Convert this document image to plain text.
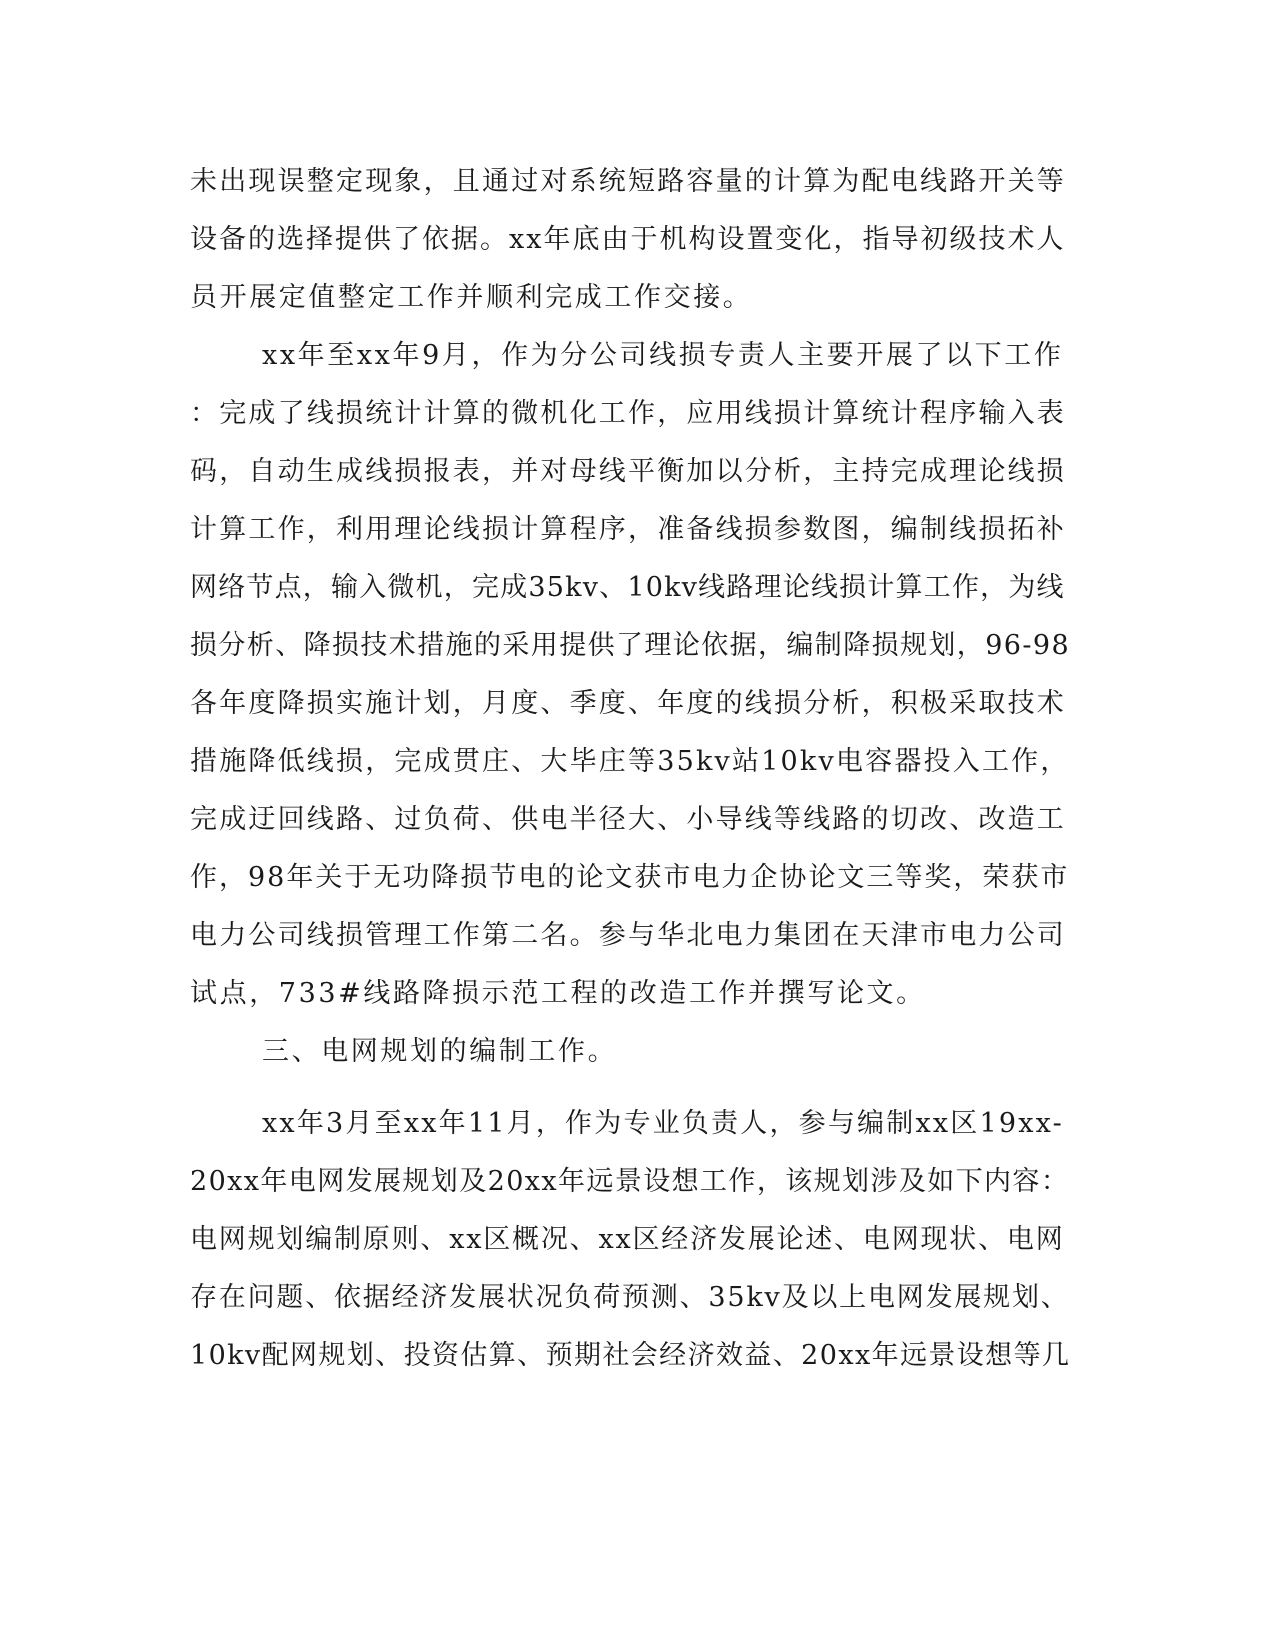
未出现误整定现象，且通过对系统短路容量的计算为配电线路开关等
设备的选择提供了依据。xx年底由于机构设置变化，指导初级技术人
员开展定值整定工作并顺利完成工作交接。
xx年至xx年9月，作为分公司线损专责人主要开展了以下工作
：完成了线损统计计算的微机化工作，应用线损计算统计程序输入表
码，自动生成线损报表，并对母线平衡加以分析，主持完成理论线损
计算工作，利用理论线损计算程序，准备线损参数图，编制线损拓补
网络节点，输入微机，完成35kv、10kv线路理论线损计算工作，为线
损分析、降损技术措施的采用提供了理论依据，编制降损规划，96-98
各年度降损实施计划，月度、季度、年度的线损分析，积极采取技术
措施降低线损，完成贯庄、大毕庄等35kv站10kv电容器投入工作，
完成迂回线路、过负荷、供电半径大、小导线等线路的切改、改造工
作，98年关于无功降损节电的论文获市电力企协论文三等奖，荣获市
电力公司线损管理工作第二名。参与华北电力集团在天津市电力公司
试点，733#线路降损示范工程的改造工作并撰写论文。
三、电网规划的编制工作。
xx年3月至xx年11月，作为专业负责人，参与编制xx区19xx-
20xx年电网发展规划及20xx年远景设想工作，该规划涉及如下内容：
电网规划编制原则、xx区概况、xx区经济发展论述、电网现状、电网
存在问题、依据经济发展状况负荷预测、35kv及以上电网发展规划、
10kv配网规划、投资估算、预期社会经济效益、20xx年远景设想等几
